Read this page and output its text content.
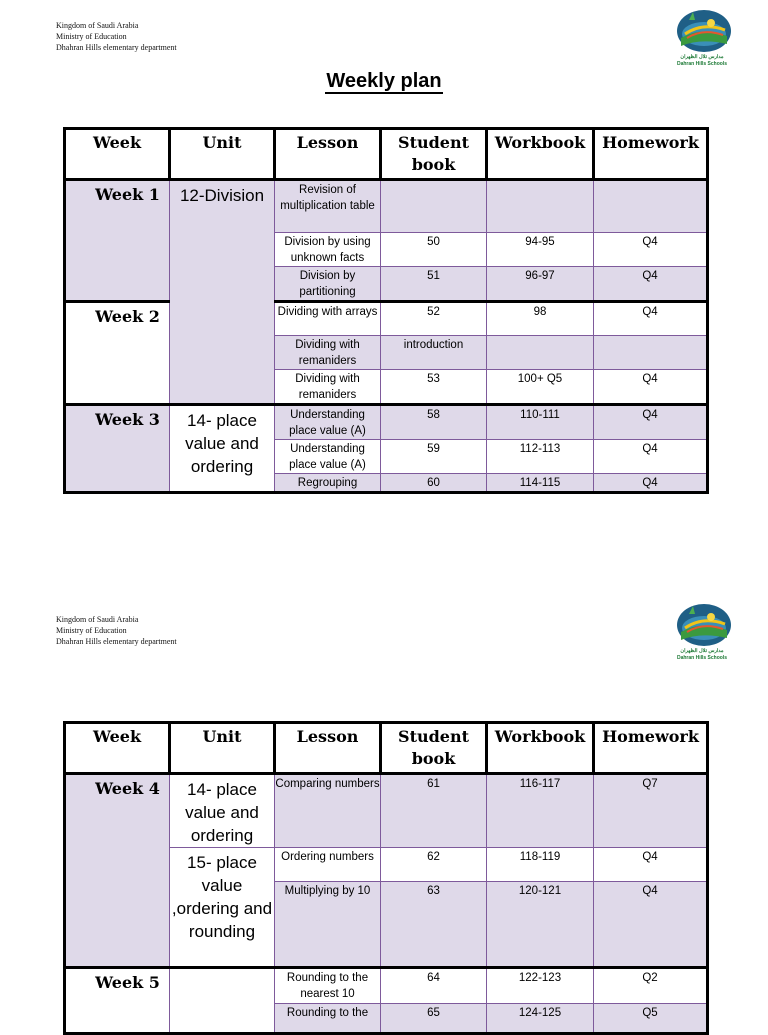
Kingdom of Saudi Arabia
Ministry of Education
Dhahran Hills elementary department
مدارس تلال الظهران
Dahran Hills Schools
Weekly plan
Week	Unit	Lesson	Student book	Workbook	Homework
Week 1	12-Division	Revision of multiplication table			
		Division by using unknown facts	50	94-95	Q4
		Division by partitioning	51	96-97	Q4
Week 2		Dividing with arrays	52	98	Q4
		Dividing with remaniders	introduction		
		Dividing with remaniders	53	100+ Q5	Q4
Week 3	14- place value and ordering	Understanding place value (A)	58	110-111	Q4
		Understanding place value (A)	59	112-113	Q4
		Regrouping	60	114-115	Q4
Kingdom of Saudi Arabia
Ministry of Education
Dhahran Hills elementary department
مدارس تلال الظهران
Dahran Hills Schools
Week	Unit	Lesson	Student book	Workbook	Homework
Week 4	14- place value and ordering	Comparing numbers	61	116-117	Q7
	15- place value ,ordering and rounding	Ordering numbers	62	118-119	Q4
		Multiplying by 10	63	120-121	Q4
Week 5		Rounding to the nearest 10	64	122-123	Q2
		Rounding to the	65	124-125	Q5
